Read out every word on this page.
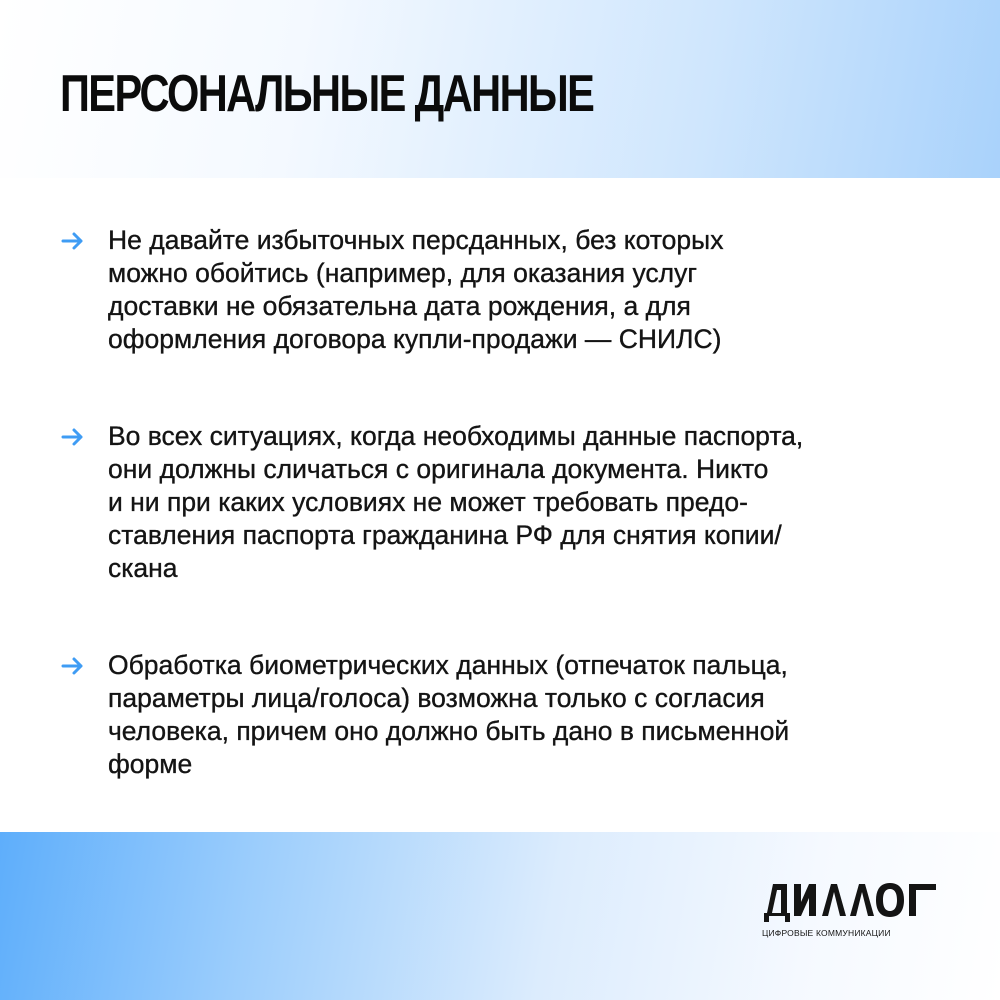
ПЕРСОНАЛЬНЫЕ ДАННЫЕ
Не давайте избыточных персданных, без которых
можно обойтись (например, для оказания услуг
доставки не обязательна дата рождения, а для
оформления договора купли-продажи — СНИЛС)
Во всех ситуациях, когда необходимы данные паспорта,
они должны сличаться с оригинала документа. Никто
и ни при каких условиях не может требовать предо-
ставления паспорта гражданина РФ для снятия копии/
скана
Обработка биометрических данных (отпечаток пальца,
параметры лица/голоса) возможна только с согласия
человека, причем оно должно быть дано в письменной
форме
ЦИФРОВЫЕ КОММУНИКАЦИИ
